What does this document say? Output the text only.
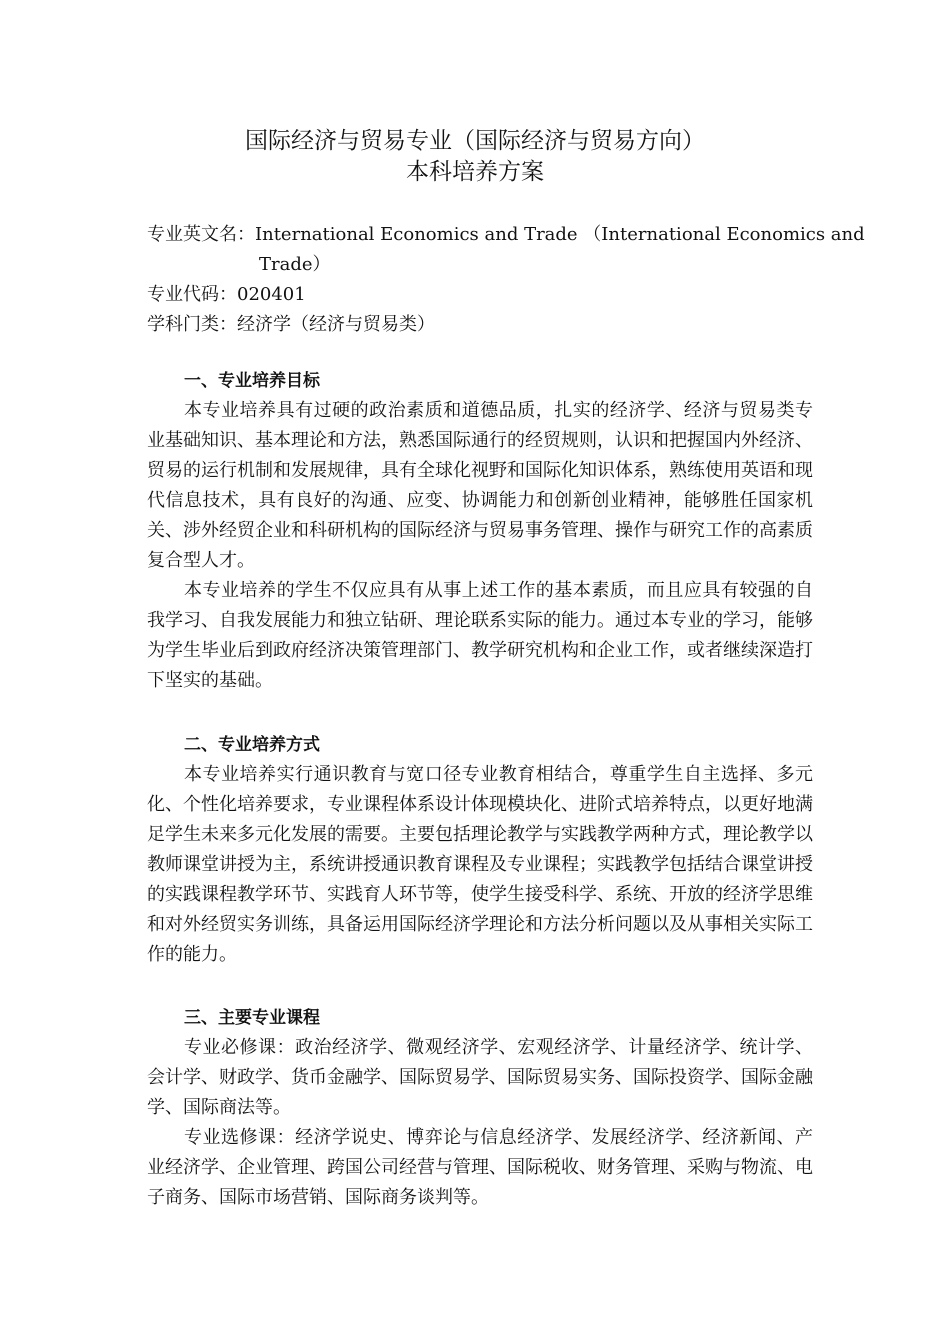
国际经济与贸易专业（国际经济与贸易方向）
本科培养方案
专业英文名：International Economics and Trade （International Economics and
Trade）
专业代码：020401
学科门类：经济学（经济与贸易类）
一、专业培养目标

本专业培养具有过硬的政治素质和道德品质，扎实的经济学、经济与贸易类专业基础知识、基本理论和方法，熟悉国际通行的经贸规则，认识和把握国内外经济、贸易的运行机制和发展规律，具有全球化视野和国际化知识体系，熟练使用英语和现代信息技术，具有良好的沟通、应变、协调能力和创新创业精神，能够胜任国家机关、涉外经贸企业和科研机构的国际经济与贸易事务管理、操作与研究工作的高素质复合型人才。

本专业培养的学生不仅应具有从事上述工作的基本素质，而且应具有较强的自我学习、自我发展能力和独立钻研、理论联系实际的能力。通过本专业的学习，能够为学生毕业后到政府经济决策管理部门、教学研究机构和企业工作，或者继续深造打下坚实的基础。

二、专业培养方式

本专业培养实行通识教育与宽口径专业教育相结合，尊重学生自主选择、多元化、个性化培养要求，专业课程体系设计体现模块化、进阶式培养特点，以更好地满足学生未来多元化发展的需要。主要包括理论教学与实践教学两种方式，理论教学以教师课堂讲授为主，系统讲授通识教育课程及专业课程；实践教学包括结合课堂讲授的实践课程教学环节、实践育人环节等，使学生接受科学、系统、开放的经济学思维和对外经贸实务训练，具备运用国际经济学理论和方法分析问题以及从事相关实际工作的能力。

三、主要专业课程

专业必修课：政治经济学、微观经济学、宏观经济学、计量经济学、统计学、会计学、财政学、货币金融学、国际贸易学、国际贸易实务、国际投资学、国际金融学、国际商法等。

专业选修课：经济学说史、博弈论与信息经济学、发展经济学、经济新闻、产业经济学、企业管理、跨国公司经营与管理、国际税收、财务管理、采购与物流、电子商务、国际市场营销、国际商务谈判等。
